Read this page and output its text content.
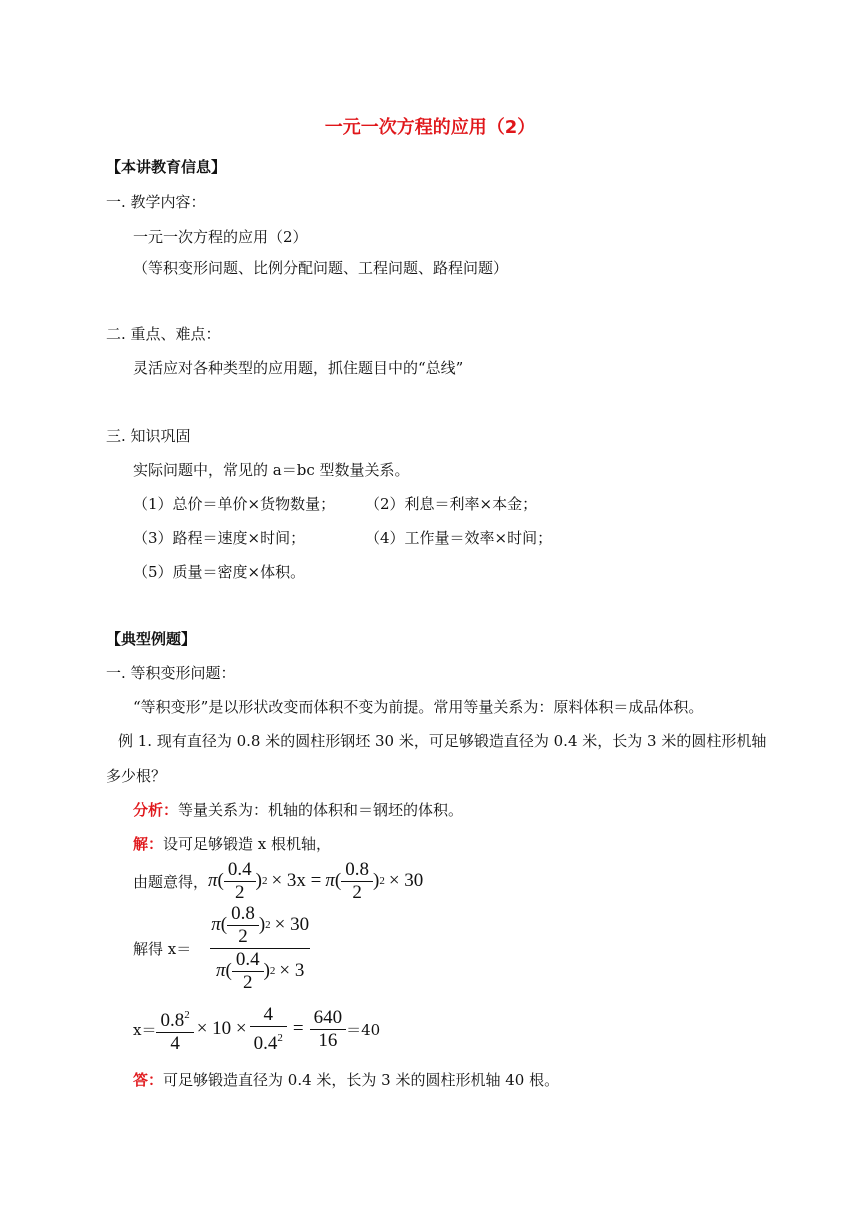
一元一次方程的应用（2）
【本讲教育信息】
一. 教学内容：
一元一次方程的应用（2）
（等积变形问题、比例分配问题、工程问题、路程问题）
二. 重点、难点：
灵活应对各种类型的应用题，抓住题目中的“总线”
三. 知识巩固
实际问题中，常见的 a＝bc 型数量关系。
（1）总价＝单价×货物数量； （2）利息＝利率×本金；
（3）路程＝速度×时间；	（4）工作量＝效率×时间；
（5）质量＝密度×体积。
【典型例题】
一. 等积变形问题：
“等积变形”是以形状改变而体积不变为前提。常用等量关系为：原料体积＝成品体积。
例 1. 现有直径为 0.8 米的圆柱形钢坯 30 米，可足够锻造直径为 0.4 米，长为 3 米的圆柱形机轴
多少根？
分析：等量关系为：机轴的体积和＝钢坯的体积。
解：设可足够锻造 x 根机轴，
由题意得， π ( $\frac{0.4}{2}$ ) 2 × 3x = π ( $\frac{0.8}{2}$ ) 2 × 30
解得 x＝
π ( $\frac{0.8}{2}$ ) 2 × 30
π ( $\frac{0.4}{2}$ ) 2 × 3
$x= \frac{0.8^2}{4} \times 10 \times \frac{4}{0.4^2} = \frac{640}{16} =40$
答：可足够锻造直径为 0.4 米，长为 3 米的圆柱形机轴 40 根。
